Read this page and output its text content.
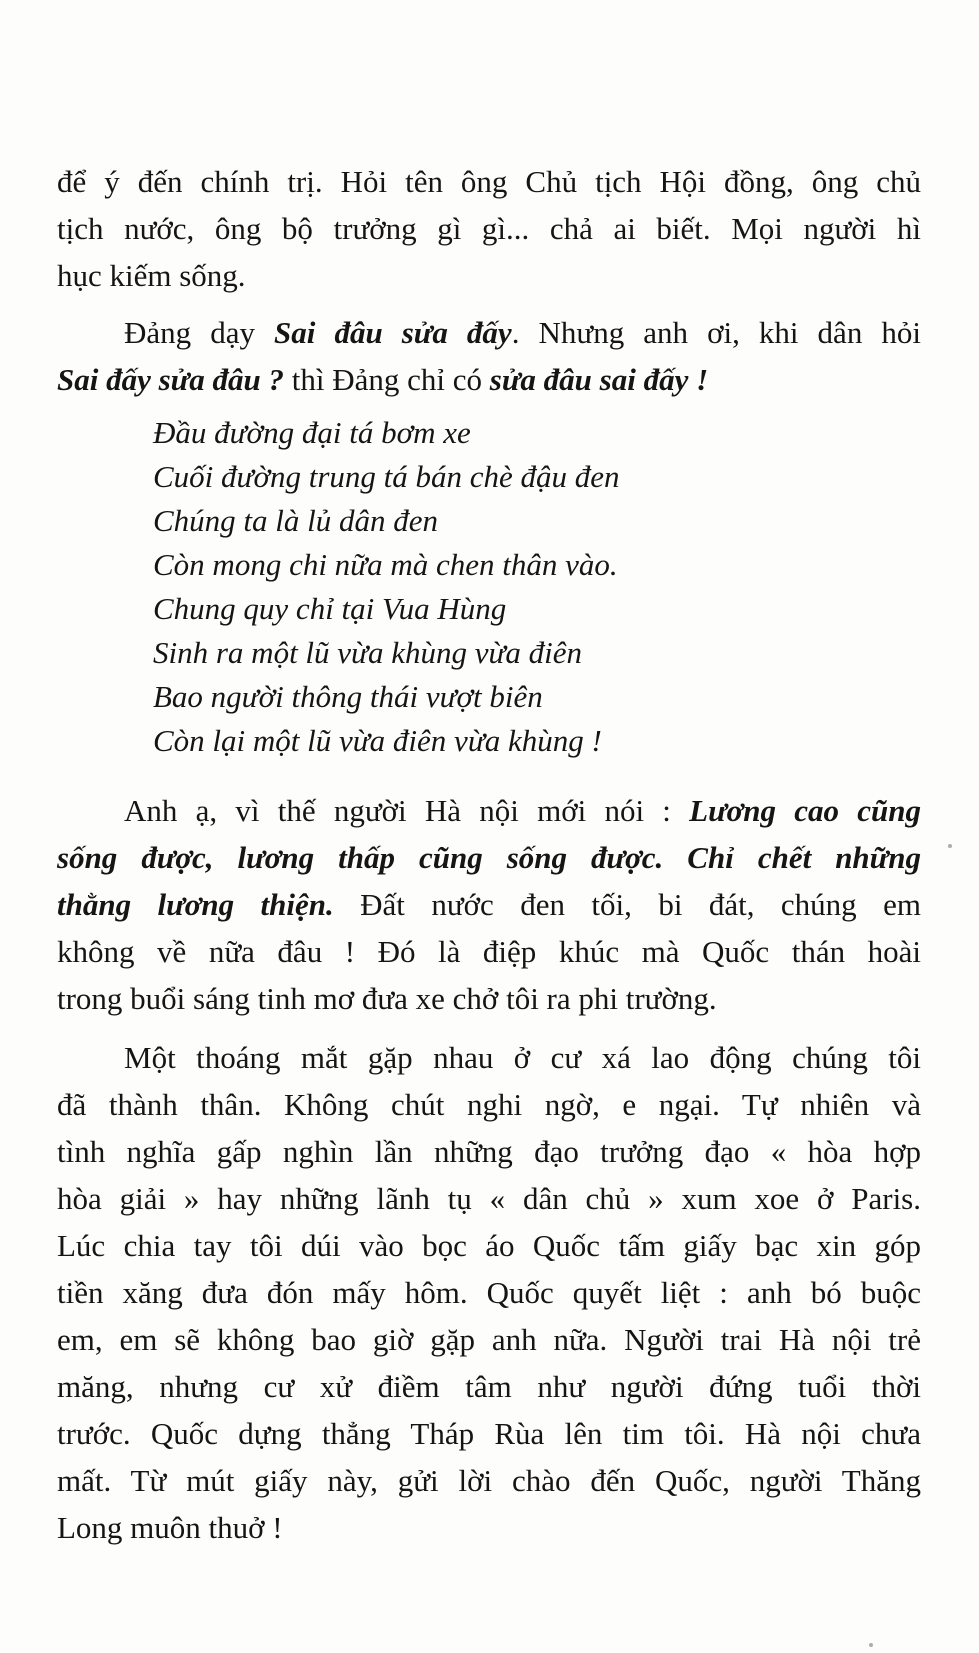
để ý đến chính trị. Hỏi tên ông Chủ tịch Hội đồng, ông chủ
tịch nước, ông bộ trưởng gì gì... chả ai biết. Mọi người hì
hục kiếm sống.
Đảng dạy Sai đâu sửa đấy. Nhưng anh ơi, khi dân hỏi
Sai đấy sửa đâu ? thì Đảng chỉ có sửa đâu sai đấy !
Đầu đường đại tá bơm xe
Cuối đường trung tá bán chè đậu đen
Chúng ta là lủ dân đen
Còn mong chi nữa mà chen thân vào.
Chung quy chỉ tại Vua Hùng
Sinh ra một lũ vừa khùng vừa điên
Bao người thông thái vượt biên
Còn lại một lũ vừa điên vừa khùng !
Anh ạ, vì thế người Hà nội mới nói : Lương cao cũng
sống được, lương thấp cũng sống được. Chỉ chết những
thằng lương thiện. Đất nước đen tối, bi đát, chúng em
không về nữa đâu ! Đó là điệp khúc mà Quốc thán hoài
trong buổi sáng tinh mơ đưa xe chở tôi ra phi trường.
Một thoáng mắt gặp nhau ở cư xá lao động chúng tôi
đã thành thân. Không chút nghi ngờ, e ngại. Tự nhiên và
tình nghĩa gấp nghìn lần những đạo trưởng đạo « hòa hợp
hòa giải » hay những lãnh tụ « dân chủ » xum xoe ở Paris.
Lúc chia tay tôi dúi vào bọc áo Quốc tấm giấy bạc xin góp
tiền xăng đưa đón mấy hôm. Quốc quyết liệt : anh bó buộc
em, em sẽ không bao giờ gặp anh nữa. Người trai Hà nội trẻ
măng, nhưng cư xử điềm tâm như người đứng tuổi thời
trước. Quốc dựng thẳng Tháp Rùa lên tim tôi. Hà nội chưa
mất. Từ mút giấy này, gửi lời chào đến Quốc, người Thăng
Long muôn thuở !
